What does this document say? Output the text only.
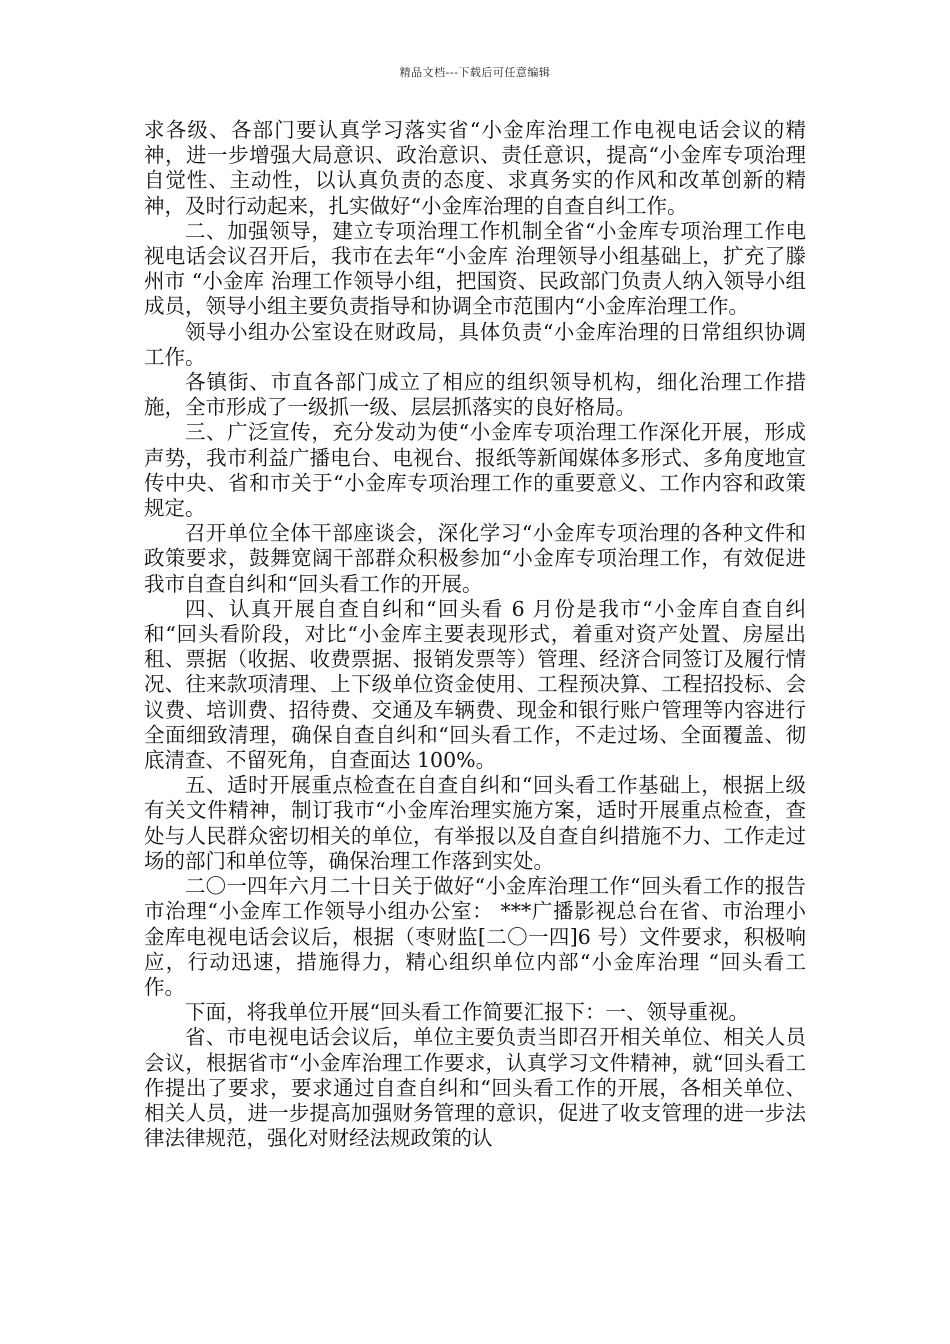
精品文档---下载后可任意编辑

求各级、各部门要认真学习落实省“小金库治理工作电视电话会议的精神，进一步增强大局意识、政治意识、责任意识，提高“小金库专项治理自觉性、主动性，以认真负责的态度、求真务实的作风和改革创新的精神，及时行动起来，扎实做好“小金库治理的自查自纠工作。

二、加强领导，建立专项治理工作机制全省“小金库专项治理工作电视电话会议召开后，我市在去年“小金库 治理领导小组基础上，扩充了滕州市 “小金库 治理工作领导小组，把国资、民政部门负责人纳入领导小组成员，领导小组主要负责指导和协调全市范围内“小金库治理工作。

领导小组办公室设在财政局，具体负责“小金库治理的日常组织协调工作。

各镇街、市直各部门成立了相应的组织领导机构，细化治理工作措施，全市形成了一级抓一级、层层抓落实的良好格局。

三、广泛宣传，充分发动为使“小金库专项治理工作深化开展，形成声势，我市利益广播电台、电视台、报纸等新闻媒体多形式、多角度地宣传中央、省和市关于“小金库专项治理工作的重要意义、工作内容和政策规定。

召开单位全体干部座谈会，深化学习“小金库专项治理的各种文件和政策要求，鼓舞宽阔干部群众积极参加“小金库专项治理工作，有效促进我市自查自纠和“回头看工作的开展。

四、认真开展自查自纠和“回头看 6 月份是我市“小金库自查自纠和“回头看阶段，对比“小金库主要表现形式，着重对资产处置、房屋出租、票据（收据、收费票据、报销发票等）管理、经济合同签订及履行情况、往来款项清理、上下级单位资金使用、工程预决算、工程招投标、会议费、培训费、招待费、交通及车辆费、现金和银行账户管理等内容进行全面细致清理，确保自查自纠和“回头看工作，不走过场、全面覆盖、彻底清查、不留死角，自查面达 100%。

五、适时开展重点检查在自查自纠和“回头看工作基础上，根据上级有关文件精神，制订我市“小金库治理实施方案，适时开展重点检查，查处与人民群众密切相关的单位，有举报以及自查自纠措施不力、工作走过场的部门和单位等，确保治理工作落到实处。

二〇一四年六月二十日关于做好“小金库治理工作“回头看工作的报告市治理“小金库工作领导小组办公室： ***广播影视总台在省、市治理小金库电视电话会议后，根据（枣财监[二〇一四]6 号）文件要求，积极响应，行动迅速，措施得力，精心组织单位内部“小金库治理 “回头看工作。

下面，将我单位开展“回头看工作简要汇报下：一、领导重视。

省、市电视电话会议后，单位主要负责当即召开相关单位、相关人员会议，根据省市“小金库治理工作要求，认真学习文件精神，就“回头看工作提出了要求，要求通过自查自纠和“回头看工作的开展，各相关单位、相关人员，进一步提高加强财务管理的意识，促进了收支管理的进一步法律法律规范，强化对财经法规政策的认
